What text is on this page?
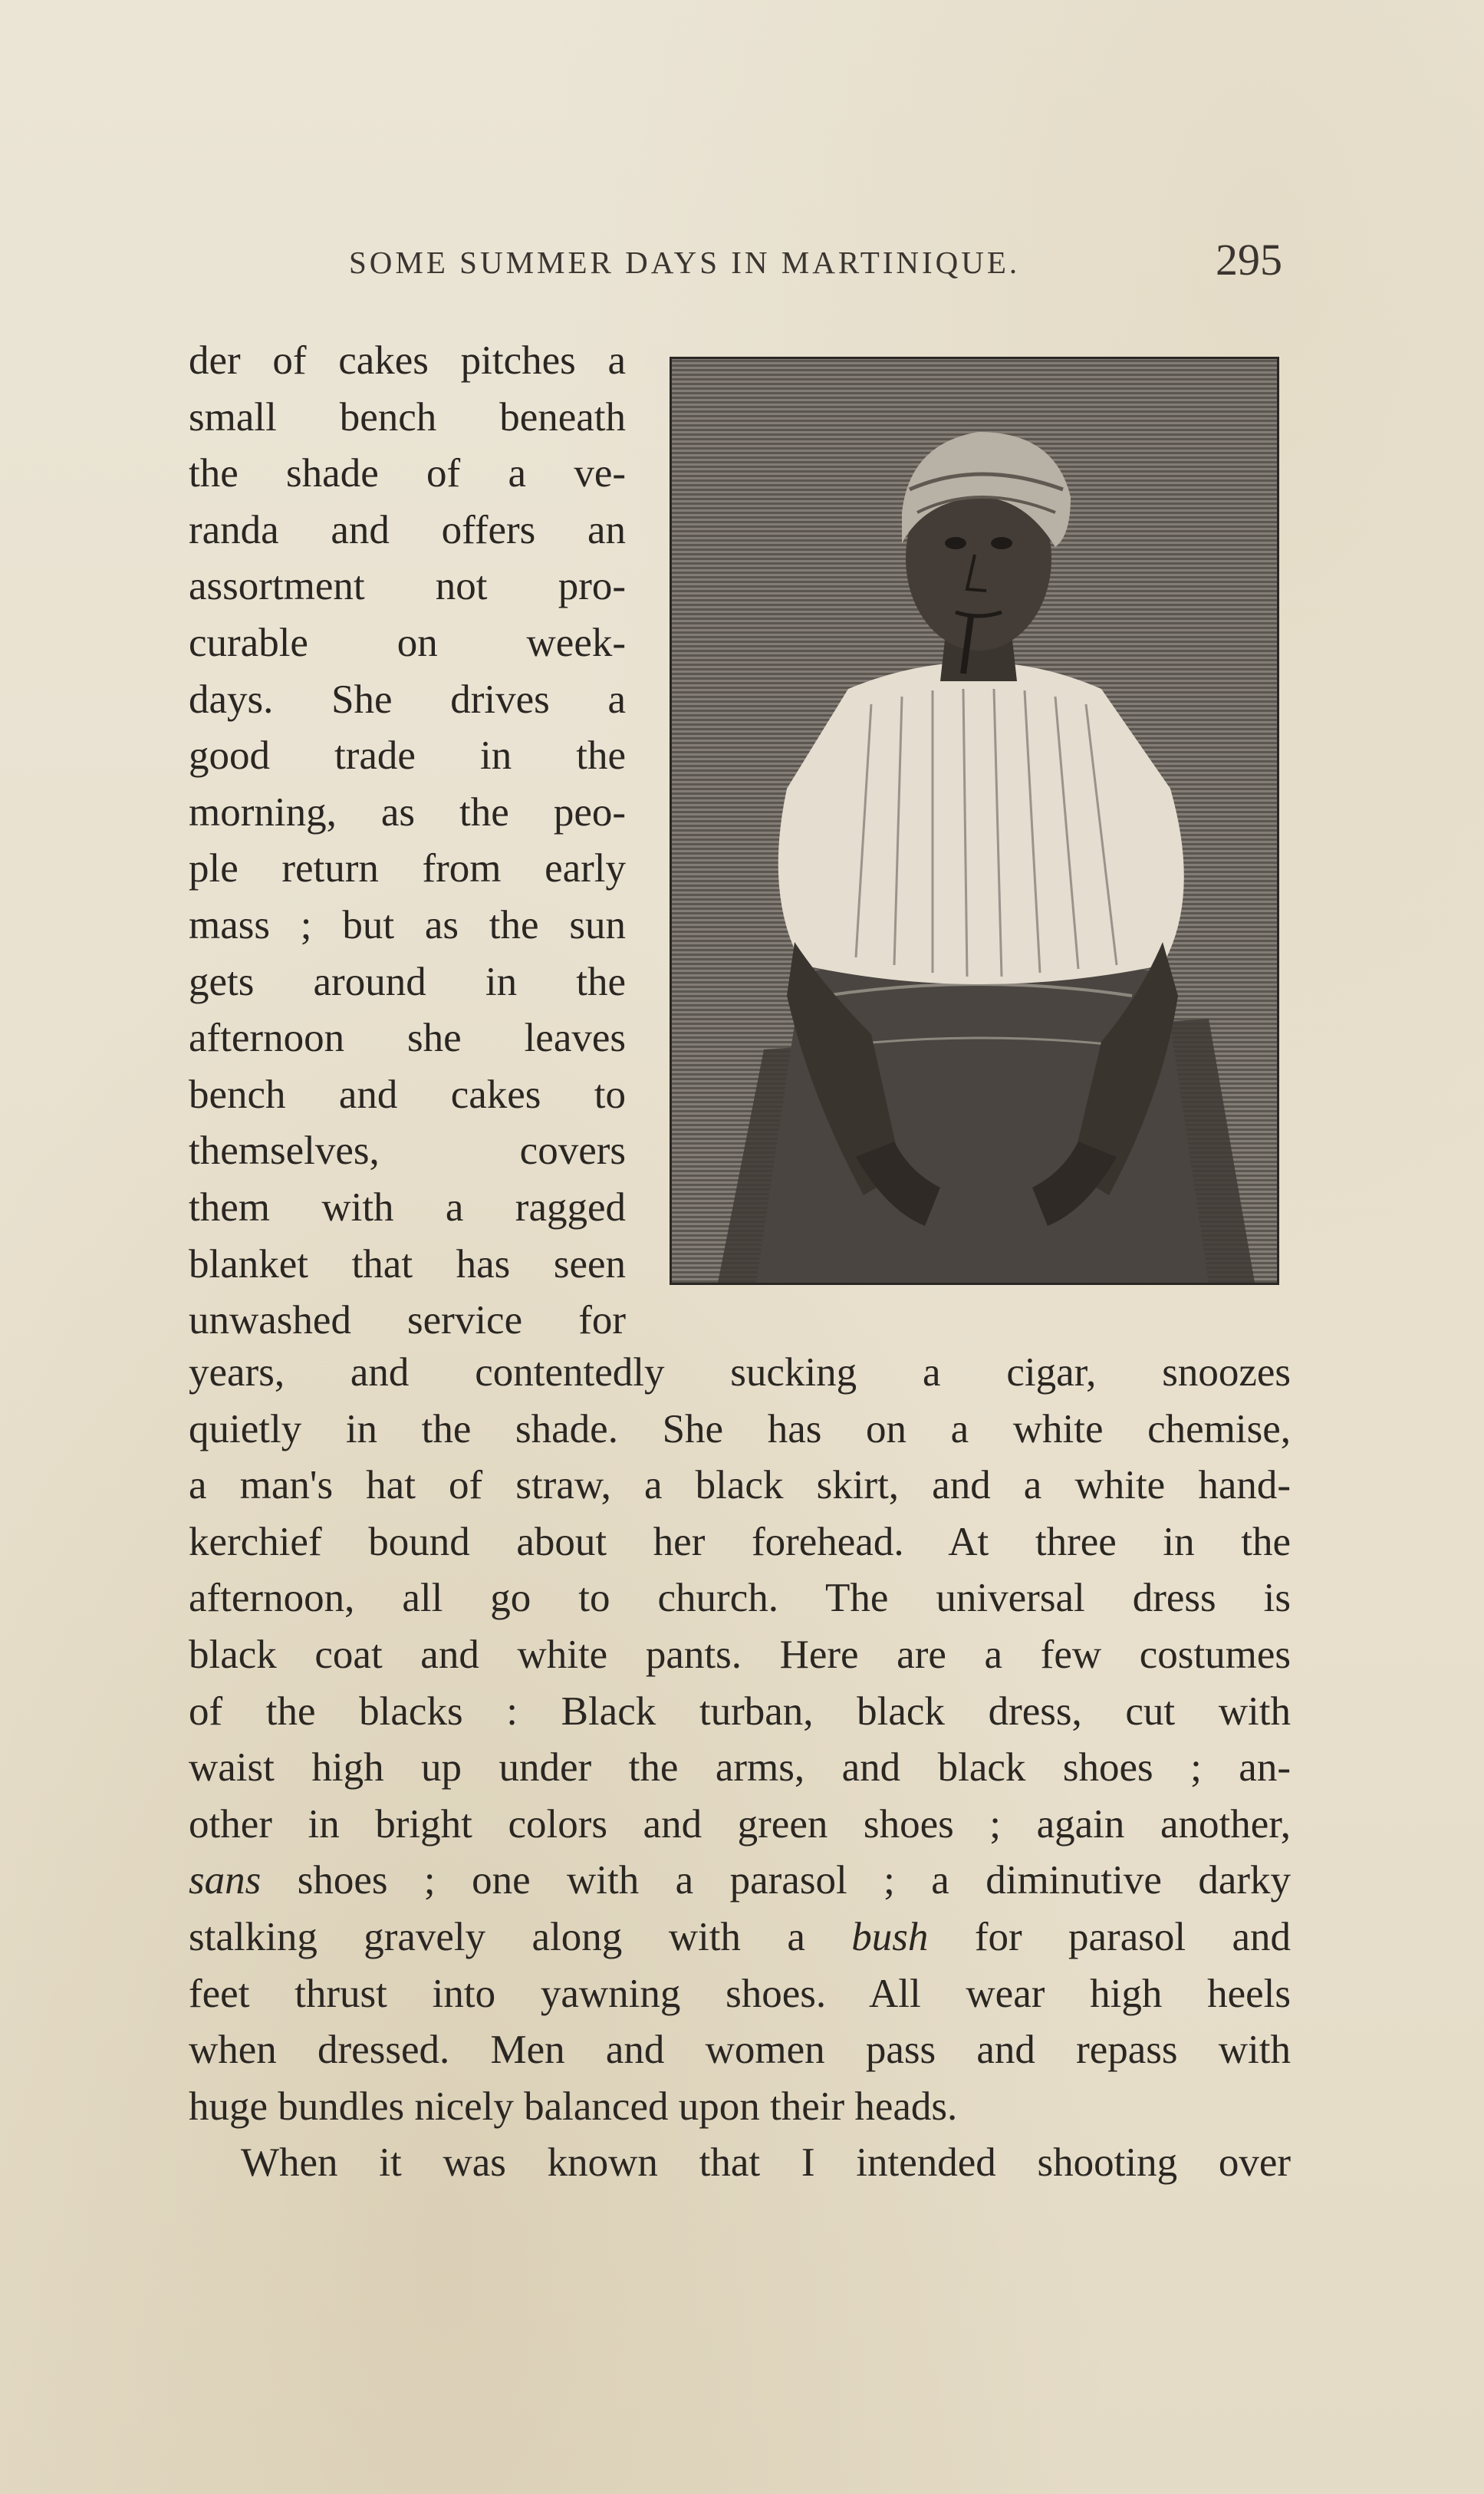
SOME SUMMER DAYS IN MARTINIQUE.	295
der of cakes pitches a
small bench beneath
the shade of a ve-
randa and offers an
assortment not pro-
curable on week-
days. She drives a
good trade in the
morning, as the peo-
ple return from early
mass ; but as the sun
gets around in the
afternoon she leaves
bench and cakes to
themselves, covers
them with a ragged
blanket that has seen
unwashed service for
years, and contentedly sucking a cigar, snoozes
quietly in the shade. She has on a white chemise,
a man's hat of straw, a black skirt, and a white hand-
kerchief bound about her forehead. At three in the
afternoon, all go to church. The universal dress is
black coat and white pants. Here are a few costumes
of the blacks : Black turban, black dress, cut with
waist high up under the arms, and black shoes ; an-
other in bright colors and green shoes ; again another,
sans shoes ; one with a parasol ; a diminutive darky
stalking gravely along with a bush for parasol and
feet thrust into yawning shoes. All wear high heels
when dressed. Men and women pass and repass with
huge bundles nicely balanced upon their heads.
When it was known that I intended shooting over
